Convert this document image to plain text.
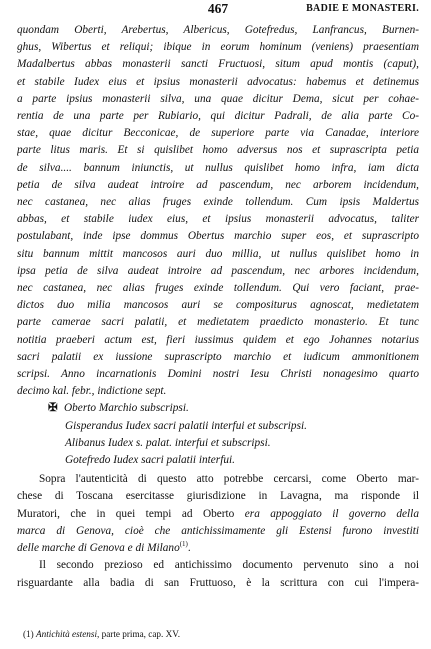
467	BADIE E MONASTERI.
quondam Oberti, Arebertus, Albericus, Gotefredus, Lanfrancus, Burnen-
ghus, Wibertus et reliqui; ibique in eorum hominum (veniens) praesentiam
Madalbertus abbas monasterii sancti Fructuosi, situm apud montis (caput),
et stabile Iudex eius et ipsius monasterii advocatus: habemus et detinemus
a parte ipsius monasterii silva, una quae dicitur Dema, sicut per cohae-
rentia de una parte per Rubiario, qui dicitur Padrali, de alia parte Co-
stae, quae dicitur Becconicae, de superiore parte via Canadae, interiore
parte litus maris. Et si quislibet homo adversus nos et suprascripta petia
de silva.... bannum iniunctis, ut nullus quislibet homo infra, iam dicta
petia de silva audeat introire ad pascendum, nec arborem incidendum,
nec castanea, nec alias fruges exinde tollendum. Cum ipsis Maldertus
abbas, et stabile iudex eius, et ipsius monasterii advocatus, taliter
postulabant, inde ipse dommus Obertus marchio super eos, et suprascripto
situ bannum mittit mancosos auri duo millia, ut nullus quislibet homo in
ipsa petia de silva audeat introire ad pascendum, nec arbores incidendum,
nec castanea, nec alias fruges exinde tollendum. Qui vero faciant, prae-
dictos duo milia mancosos auri se compositurus agnoscat, medietatem
parte camerae sacri palatii, et medietatem praedicto monasterio. Et tunc
notitia praeberi actum est, fieri iussimus quidem et ego Johannes notarius
sacri palatii ex iussione suprascripto marchio et iudicum ammonitionem
scripsi. Anno incarnationis Domini nostri Iesu Christi nonagesimo quarto
decimo kal. febr., indictione sept.
✠ Oberto Marchio subscripsi.
Gisperandus Iudex sacri palatii interfui et subscripsi.
Alibanus Iudex s. palat. interfui et subscripsi.
Gotefredo Iudex sacri palatii interfui.
Sopra l'autenticità di questo atto potrebbe cercarsi, come Oberto mar-
chese di Toscana esercitasse giurisdizione in Lavagna, ma risponde il
Muratori, che in quei tempi ad Oberto era appoggiato il governo della
marca di Genova, cioè che antichissimamente gli Estensi furono investiti
delle marche di Genova e di Milano$^{(1)}$.
Il secondo prezioso ed antichissimo documento pervenuto sino a noi
risguardante alla badia di san Fruttuoso, è la scrittura con cui l'impera-
(1) Antichità estensi, parte prima, cap. XV.
